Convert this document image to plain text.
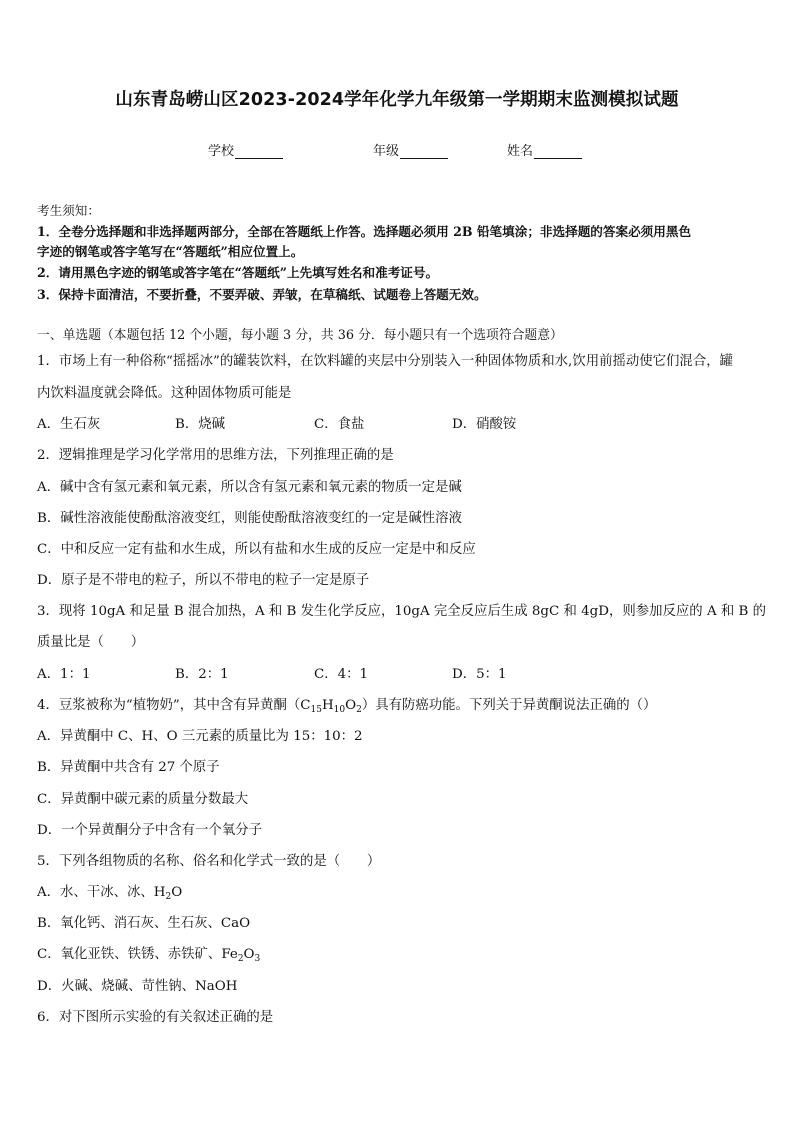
山东青岛崂山区2023-2024学年化学九年级第一学期期末监测模拟试题
学校	年级	姓名
考生须知：
1．全卷分选择题和非选择题两部分，全部在答题纸上作答。选择题必须用 2B 铅笔填涂；非选择题的答案必须用黑色
字迹的钢笔或答字笔写在“答题纸”相应位置上。
2．请用黑色字迹的钢笔或答字笔在“答题纸”上先填写姓名和准考证号。
3．保持卡面清洁，不要折叠，不要弄破、弄皱，在草稿纸、试题卷上答题无效。
一、单选题（本题包括 12 个小题，每小题 3 分，共 36 分．每小题只有一个选项符合题意）
1．市场上有一种俗称“摇摇冰”的罐装饮料，在饮料罐的夹层中分别装入一种固体物质和水,饮用前摇动使它们混合，罐
内饮料温度就会降低。这种固体物质可能是
A．生石灰	B．烧碱	C．食盐	D．硝酸铵
2．逻辑推理是学习化学常用的思维方法，下列推理正确的是
A．碱中含有氢元素和氧元素，所以含有氢元素和氧元素的物质一定是碱
B．碱性溶液能使酚酞溶液变红，则能使酚酞溶液变红的一定是碱性溶液
C．中和反应一定有盐和水生成，所以有盐和水生成的反应一定是中和反应
D．原子是不带电的粒子，所以不带电的粒子一定是原子
3．现将 10gA 和足量 B 混合加热，A 和 B 发生化学反应，10gA 完全反应后生成 8gC 和 4gD，则参加反应的 A 和 B 的
质量比是（　　）
A．1：1	B．2：1	C．4：1	D．5：1
4．豆浆被称为“植物奶”，其中含有异黄酮$(C_{15}H_{10}O_2)$具有防癌功能。下列关于异黄酮说法正确的（）
A．异黄酮中 C、H、O 三元素的质量比为 15：10：2
B．异黄酮中共含有 27 个原子
C．异黄酮中碳元素的质量分数最大
D．一个异黄酮分子中含有一个氧分子
5．下列各组物质的名称、俗名和化学式一致的是（　　）
A．水、干冰、冰、$H_2O$
B．氧化钙、消石灰、生石灰、CaO
C．氧化亚铁、铁锈、赤铁矿、$Fe_2O_3$
D．火碱、烧碱、苛性钠、NaOH
6．对下图所示实验的有关叙述正确的是
